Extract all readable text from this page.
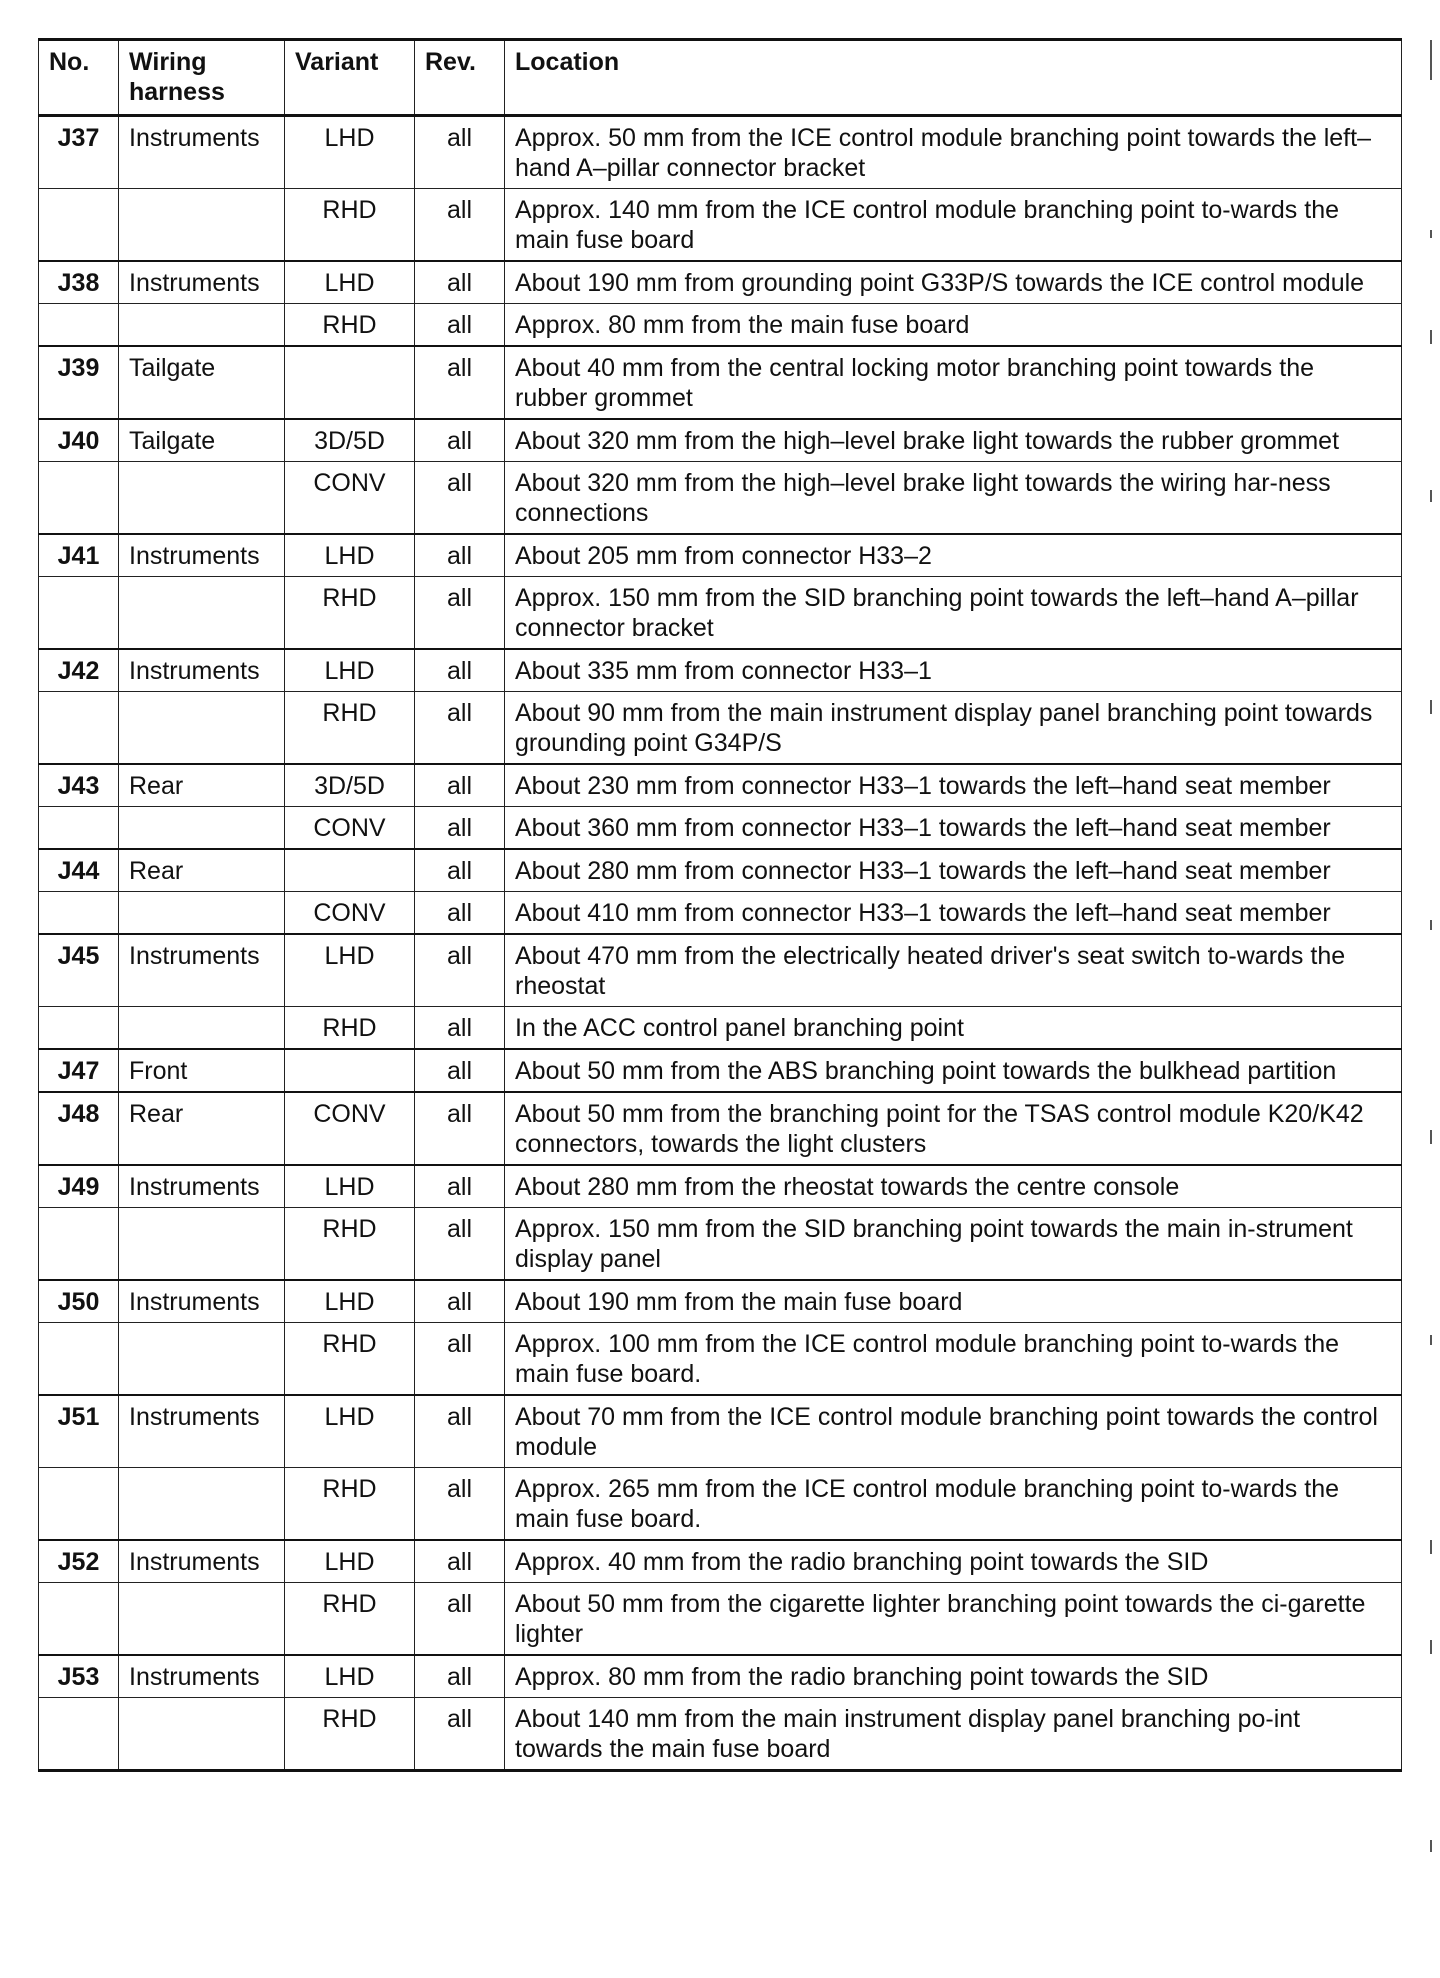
No.	Wiring harness	Variant	Rev.	Location
J37	Instruments	LHD	all	Approx. 50 mm from the ICE control module branching point towards the left–hand A–pillar connector bracket
		RHD	all	Approx. 140 mm from the ICE control module branching point to-wards the main fuse board
J38	Instruments	LHD	all	About 190 mm from grounding point G33P/S towards the ICE control module
		RHD	all	Approx. 80 mm from the main fuse board
J39	Tailgate		all	About 40 mm from the central locking motor branching point towards the rubber grommet
J40	Tailgate	3D/5D	all	About 320 mm from the high–level brake light towards the rubber grommet
		CONV	all	About 320 mm from the high–level brake light towards the wiring har-ness connections
J41	Instruments	LHD	all	About 205 mm from connector H33–2
		RHD	all	Approx. 150 mm from the SID branching point towards the left–hand A–pillar connector bracket
J42	Instruments	LHD	all	About 335 mm from connector H33–1
		RHD	all	About 90 mm from the main instrument display panel branching point towards grounding point G34P/S
J43	Rear	3D/5D	all	About 230 mm from connector H33–1 towards the left–hand seat member
		CONV	all	About 360 mm from connector H33–1 towards the left–hand seat member
J44	Rear		all	About 280 mm from connector H33–1 towards the left–hand seat member
		CONV	all	About 410 mm from connector H33–1 towards the left–hand seat member
J45	Instruments	LHD	all	About 470 mm from the electrically heated driver's seat switch to-wards the rheostat
		RHD	all	In the ACC control panel branching point
J47	Front		all	About 50 mm from the ABS branching point towards the bulkhead partition
J48	Rear	CONV	all	About 50 mm from the branching point for the TSAS control module K20/K42 connectors, towards the light clusters
J49	Instruments	LHD	all	About 280 mm from the rheostat towards the centre console
		RHD	all	Approx. 150 mm from the SID branching point towards the main in-strument display panel
J50	Instruments	LHD	all	About 190 mm from the main fuse board
		RHD	all	Approx. 100 mm from the ICE control module branching point to-wards the main fuse board.
J51	Instruments	LHD	all	About 70 mm from the ICE control module branching point towards the control module
		RHD	all	Approx. 265 mm from the ICE control module branching point to-wards the main fuse board.
J52	Instruments	LHD	all	Approx. 40 mm from the radio branching point towards the SID
		RHD	all	About 50 mm from the cigarette lighter branching point towards the ci-garette lighter
J53	Instruments	LHD	all	Approx. 80 mm from the radio branching point towards the SID
		RHD	all	About 140 mm from the main instrument display panel branching po-int towards the main fuse board
